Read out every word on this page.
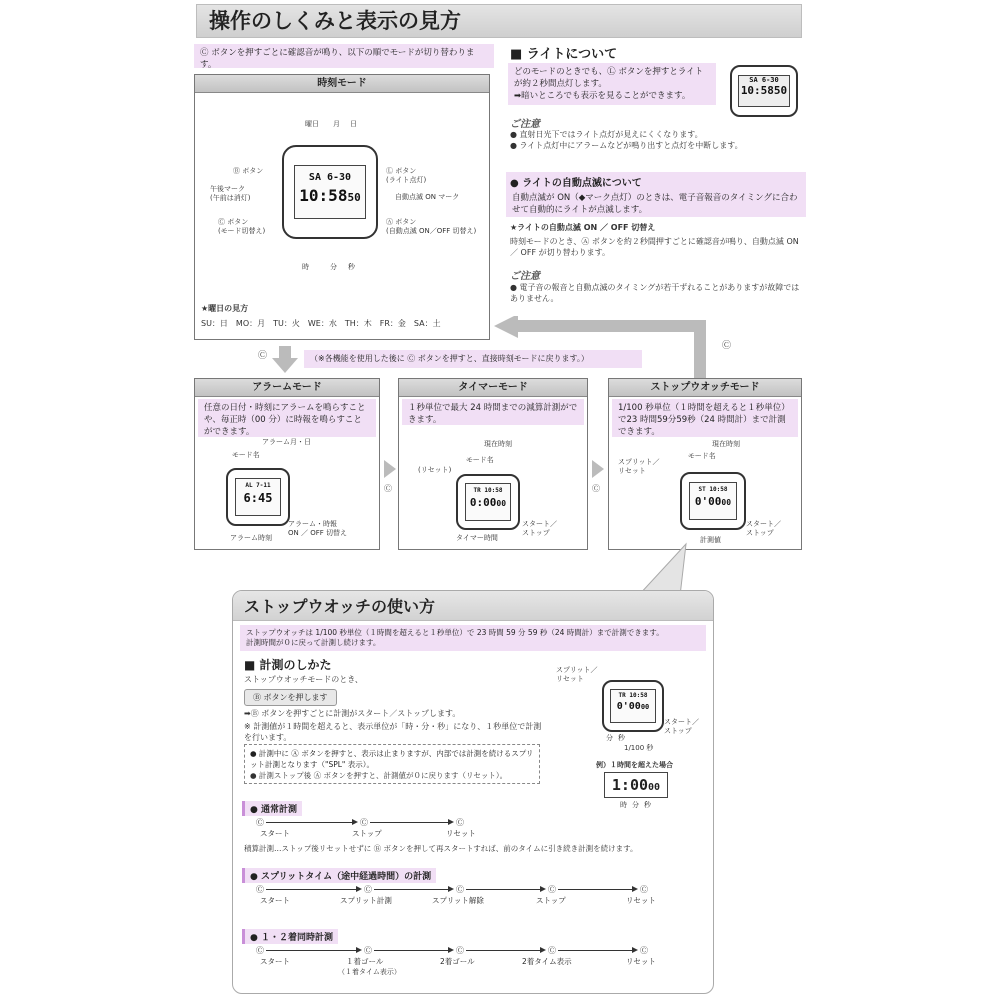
操作のしくみと表示の見方
Ⓒ ボタンを押すごとに確認音が鳴り、以下の順でモードが切り替わります。
時刻モード
曜日 月 日
SA 6-30
10:5850
Ⓑ ボタン
午後マーク
(午前は消灯)
Ⓒ ボタン
(モード切替え)
Ⓛ ボタン
(ライト点灯)
自動点滅 ON マーク
Ⓐ ボタン
(自動点滅 ON／OFF 切替え)
時	分 秒
★曜日の見方
SU：日　MO：月　TU：火　WE：水　TH：木　FR：金　SA：土
■ ライトについて
どのモードのときでも、Ⓛ ボタンを押すとライトが約２秒間点灯します。
➡暗いところでも表示を見ることができます。
SA 6-30
10:5850
ご注意
● 直射日光下ではライト点灯が見えにくくなります。
● ライト点灯中にアラームなどが鳴り出すと点灯を中断します。
● ライトの自動点滅について
自動点滅が ON（◆マーク点灯）のときは、電子音報音のタイミングに合わせて自動的にライトが点滅します。
★ライトの自動点滅 ON ／ OFF 切替え
時刻モードのとき、Ⓐ ボタンを約２秒間押すごとに確認音が鳴り、自動点滅 ON ／ OFF が切り替わります。
ご注意
● 電子音の報音と自動点滅のタイミングが若干ずれることがありますが故障ではありません。
Ⓒ
Ⓒ	（※各機能を使用した後に Ⓒ ボタンを押すと、直接時刻モードに戻ります。）
アラームモード
任意の日付・時刻にアラームを鳴らすことや、毎正時（00 分）に時報を鳴らすことができます。
アラーム月・日
モード名
AL 7-11
6:45
アラーム・時報
ON ／ OFF 切替え
アラーム時刻
Ⓒ	Ⓒ
タイマーモード
１秒単位で最大 24 時間までの減算計測ができます。
現在時刻
モード名
(リセット)
TR 10:58
0:0000
スタート／
ストップ
タイマー時間
ストップウオッチモード
1/100 秒単位（１時間を超えると１秒単位）で23 時間59分59秒（24 時間計）まで計測できます。
現在時刻
モード名
スプリット／
リセット
ST 10:58
0'0000
スタート／
ストップ
計測値
ストップウオッチの使い方
ストップウオッチは 1/100 秒単位（１時間を超えると１秒単位）で 23 時間 59 分 59 秒（24 時間計）まで計測できます。
計測時間が０に戻って計測し続けます。
■ 計測のしかた
ストップウオッチモードのとき、
Ⓑ ボタンを押します
➡Ⓑ ボタンを押すごとに計測がスタート／ストップします。
※ 計測値が１時間を超えると、表示単位が「時・分・秒」になり、１秒単位で計測を行います。
● 計測中に Ⓐ ボタンを押すと、表示は止まりますが、内部では計測を続けるスプリット計測となります（"SPL" 表示）。
● 計測ストップ後 Ⓐ ボタンを押すと、計測値が０に戻ります（リセット）。
スプリット／
リセット
TR 10:58
0'0000
スタート／
ストップ
分 秒
1/100 秒
例）１時間を超えた場合
1:0000
時 分 秒
● 通常計測
Ⓒ	Ⓒ	Ⓒ
スタート	ストップ	リセット
積算計測…ストップ後リセットせずに Ⓑ ボタンを押して再スタートすれば、前のタイムに引き続き計測を続けます。
● スプリットタイム（途中経過時間）の計測
Ⓒ	Ⓒ	Ⓒ	Ⓒ	Ⓒ
スタート	スプリット計測	スプリット解除	ストップ	リセット
● １・２着同時計測
Ⓒ	Ⓒ	Ⓒ	Ⓒ	Ⓒ
スタート	１着ゴール	2着ゴール	2着タイム表示	リセット
（１着タイム表示）
